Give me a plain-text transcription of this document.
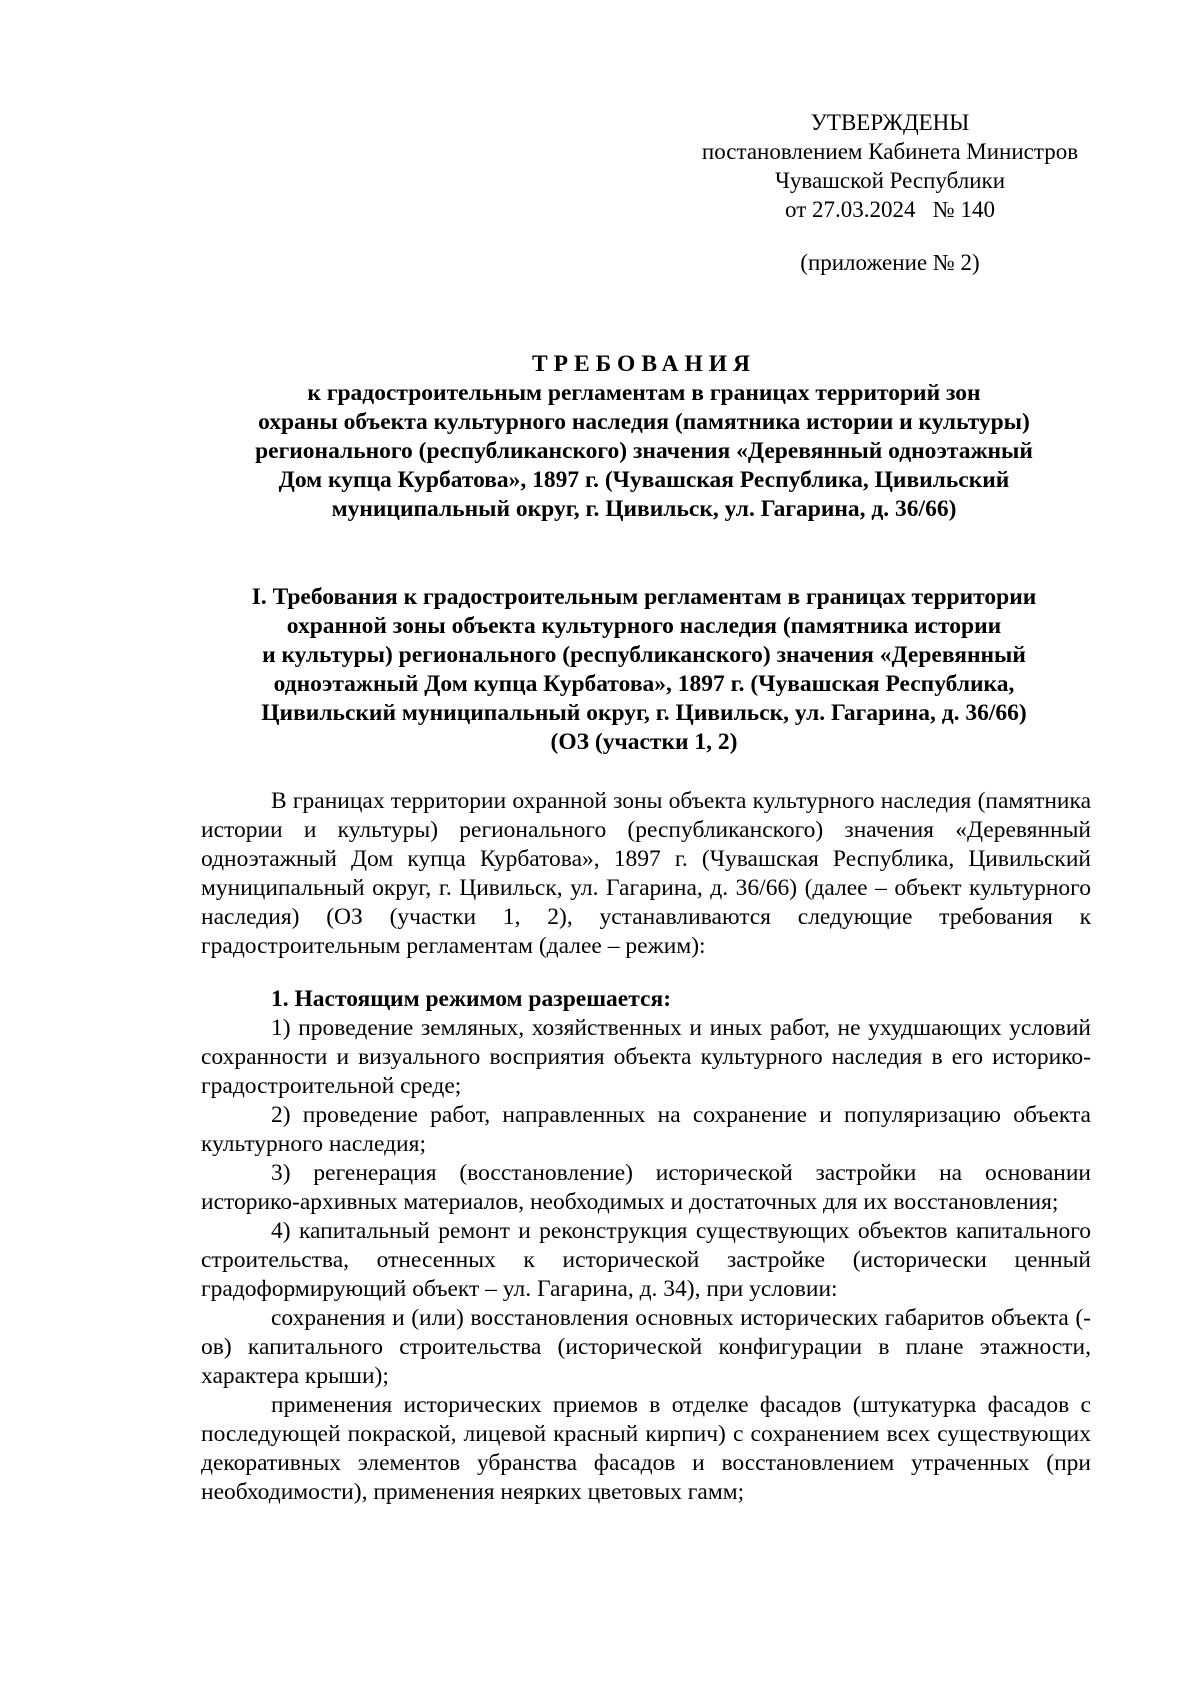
УТВЕРЖДЕНЫ
постановлением Кабинета Министров
Чувашской Республики
от 27.03.2024   № 140
(приложение № 2)
ТРЕБОВАНИЯ
к градостроительным регламентам в границах территорий зон
охраны объекта культурного наследия (памятника истории и культуры)
регионального (республиканского) значения «Деревянный одноэтажный
Дом купца Курбатова», 1897 г. (Чувашская Республика, Цивильский
муниципальный округ, г. Цивильск, ул. Гагарина, д. 36/66)
I. Требования к градостроительным регламентам в границах территории
охранной зоны объекта культурного наследия (памятника истории
и культуры) регионального (республиканского) значения «Деревянный
одноэтажный Дом купца Курбатова», 1897 г. (Чувашская Республика,
Цивильский муниципальный округ, г. Цивильск, ул. Гагарина, д. 36/66)
(ОЗ (участки 1, 2)

В границах территории охранной зоны объекта культурного наследия (памятника истории и культуры) регионального (республиканского) значения «Деревянный одноэтажный Дом купца Курбатова», 1897 г. (Чувашская Республика, Цивильский муниципальный округ, г. Цивильск, ул. Гагарина, д. 36/66) (далее – объект культурного наследия) (ОЗ (участки 1, 2), устанавливаются следующие требования к градостроительным регламентам (далее – режим):

1. Настоящим режимом разрешается:

1) проведение земляных, хозяйственных и иных работ, не ухудшающих условий сохранности и визуального восприятия объекта культурного наследия в его историко-градостроительной среде;

2) проведение работ, направленных на сохранение и популяризацию объекта культурного наследия;

3) регенерация (восстановление) исторической застройки на основании историко-архивных материалов, необходимых и достаточных для их восстановления;

4) капитальный ремонт и реконструкция существующих объектов капитального строительства, отнесенных к исторической застройке (исторически ценный градоформирующий объект – ул. Гагарина, д. 34), при условии:

сохранения и (или) восстановления основных исторических габаритов объекта (-ов) капитального строительства (исторической конфигурации в плане этажности, характера крыши);

применения исторических приемов в отделке фасадов (штукатурка фасадов с последующей покраской, лицевой красный кирпич) с сохранением всех существующих декоративных элементов убранства фасадов и восстановлением утраченных (при необходимости), применения неярких цветовых гамм;
